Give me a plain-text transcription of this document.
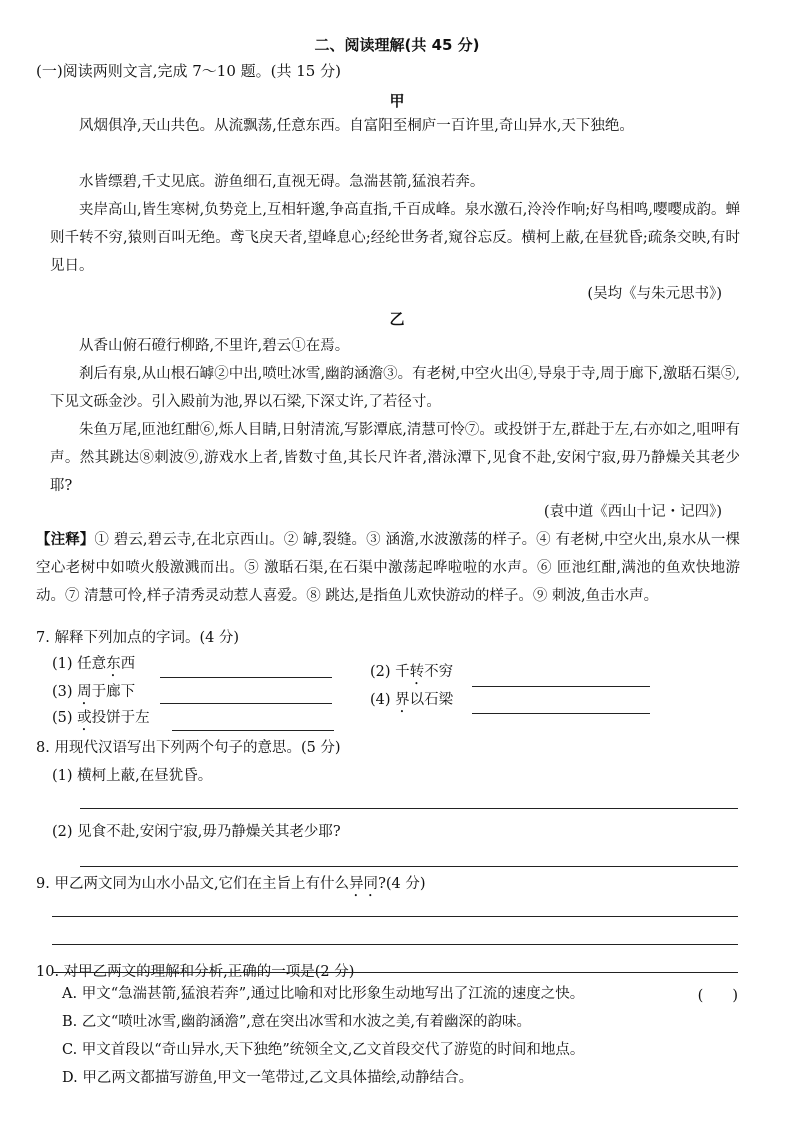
二、阅读理解(共 45 分)
(一)阅读两则文言,完成 7～10 题。(共 15 分)
甲
风烟俱净,天山共色。从流飘荡,任意东西。自富阳至桐庐一百许里,奇山异水,天下独绝。
水皆缥碧,千丈见底。游鱼细石,直视无碍。急湍甚箭,猛浪若奔。
夹岸高山,皆生寒树,负势竞上,互相轩邈,争高直指,千百成峰。泉水激石,泠泠作响;好鸟相鸣,嘤嘤成韵。蝉则千转不穷,猿则百叫无绝。鸢飞戾天者,望峰息心;经纶世务者,窥谷忘反。横柯上蔽,在昼犹昏;疏条交映,有时见日。
(吴均《与朱元思书》)
乙
从香山俯石磴行柳路,不里许,碧云①在焉。
刹后有泉,从山根石罅②中出,喷吐冰雪,幽韵涵澹③。有老树,中空火出④,导泉于寺,周于廊下,激聒石渠⑤,下见文砾金沙。引入殿前为池,界以石梁,下深丈许,了若径寸。
朱鱼万尾,匝池红酣⑥,烁人目睛,日射清流,写影潭底,清慧可怜⑦。或投饼于左,群赴于左,右亦如之,咀呷有声。然其跳达⑧刺波⑨,游戏水上者,皆数寸鱼,其长尺许者,潜泳潭下,见食不赴,安闲宁寂,毋乃静燥关其老少耶?
(袁中道《西山十记・记四》)
【注释】① 碧云,碧云寺,在北京西山。② 罅,裂缝。③ 涵澹,水波激荡的样子。④ 有老树,中空火出,泉水从一棵空心老树中如喷火般激溅而出。⑤ 激聒石渠,在石渠中激荡起哗啦啦的水声。⑥ 匝池红酣,满池的鱼欢快地游动。⑦ 清慧可怜,样子清秀灵动惹人喜爱。⑧ 跳达,是指鱼儿欢快游动的样子。⑨ 刺波,鱼击水声。
7. 解释下列加点的字词。(4 分)
(1) 任意东西	(2) 千转不穷
(3) 周于廊下	(4) 界以石梁
(5) 或投饼于左
8. 用现代汉语写出下列两个句子的意思。(5 分)
(1) 横柯上蔽,在昼犹昏。
(2) 见食不赴,安闲宁寂,毋乃静燥关其老少耶?
9. 甲乙两文同为山水小品文,它们在主旨上有什么异同?(4 分)
10. 对甲乙两文的理解和分析,正确的一项是(2 分)
(　　)
A. 甲文“急湍甚箭,猛浪若奔”,通过比喻和对比形象生动地写出了江流的速度之快。
B. 乙文“喷吐冰雪,幽韵涵澹”,意在突出冰雪和水波之美,有着幽深的韵味。
C. 甲文首段以“奇山异水,天下独绝”统领全文,乙文首段交代了游览的时间和地点。
D. 甲乙两文都描写游鱼,甲文一笔带过,乙文具体描绘,动静结合。
